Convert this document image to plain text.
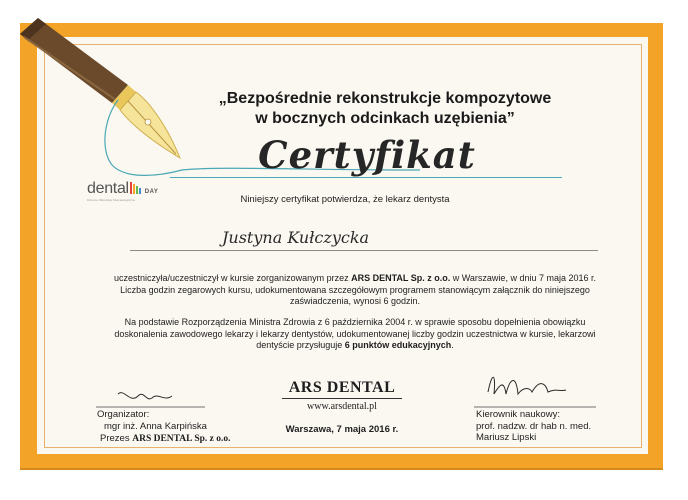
dental	DAY
Dzienne Warsztaty Stomatologiczne
„Bezpośrednie rekonstrukcje kompozytowe
w bocznych odcinkach uzębienia”
Certyfikat
Niniejszy certyfikat potwierdza, że lekarz dentysta
Justyna Kułczycka
uczestniczyła/uczestniczył w kursie zorganizowanym przez ARS DENTAL Sp. z o.o. w Warszawie, w dniu 7 maja 2016 r.
Liczba godzin zegarowych kursu, udokumentowana szczegółowym programem stanowiącym załącznik do niniejszego
zaświadczenia, wynosi 6 godzin.
Na podstawie Rozporządzenia Ministra Zdrowia z 6 października 2004 r. w sprawie sposobu dopełnienia obowiązku
doskonalenia zawodowego lekarzy i lekarzy dentystów, udokumentowanej liczby godzin uczestnictwa w kursie, lekarzowi
dentyście przysługuje 6 punktów edukacyjnych.
Organizator:
mgr inż. Anna Karpińska
Prezes ARS DENTAL Sp. z o.o.
ARS DENTAL
www.arsdental.pl
Warszawa, 7 maja 2016 r.
Kierownik naukowy:
prof. nadzw. dr hab n. med.
Mariusz Lipski
